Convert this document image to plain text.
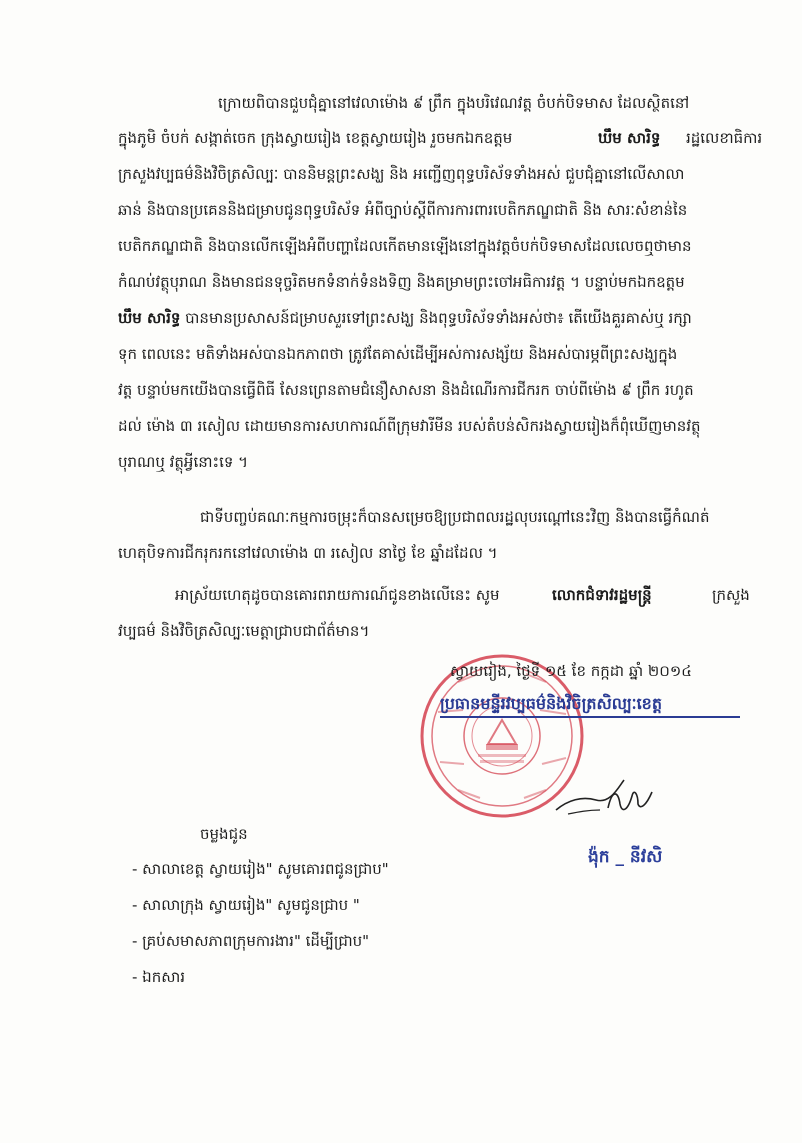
ក្រោយពិបានជួបជុំគ្នានៅវេលាម៉ោង ៩ ព្រឹក ក្នុងបរិវេណវត្ត ចំបក់បិទមាស ដែលស្ថិតនៅ
ក្នុងភូមិ ចំបក់ សង្កាត់ចេក ក្រុងស្វាយរៀង ខេត្តស្វាយរៀង រួចមកឯកឧត្តម	ឃឹម សារិទ្ធ រដ្ឋលេខាធិការ
ក្រសួងវប្បធម៌និងវិចិត្រសិល្បៈ បាននិមន្តព្រះសង្ឃ និង អញ្ជើញពុទ្ធបរិស័ទទាំងអស់ ជួបជុំគ្នានៅលើសាលា
ឆាន់ និងបានប្រគេននិងជម្រាបជូនពុទ្ធបរិស័ទ អំពីច្បាប់ស្តីពីការការពារបេតិកភណ្ឌជាតិ និង សារៈសំខាន់នៃ
បេតិកភណ្ឌជាតិ និងបានលើកឡើងអំពីបញ្ហាដែលកើតមានឡើងនៅក្នុងវត្តចំបក់បិទមាសដែលលេចឮថាមាន
កំណប់វត្ថុបុរាណ និងមានជនទុច្ចរិតមកទំនាក់ទំនងទិញ និងគម្រាមព្រះចៅអធិការវត្ត ។ បន្ទាប់មកឯកឧត្តម
ឃឹម សារិទ្ធ បានមានប្រសាសន៍ជម្រាបសួរទៅព្រះសង្ឃ និងពុទ្ធបរិស័ទទាំងអស់ថា៖ តើយើងគួរគាស់ឬ រក្សា
ទុក ពេលនេះ មតិទាំងអស់បានឯកភាពថា ត្រូវតែគាស់ដើម្បីអស់ការសង្ស័យ និងអស់បារម្ភពីព្រះសង្ឃក្នុង
វត្ត បន្ទាប់មកយើងបានធ្វើពិធី សែនព្រេនតាមជំនឿសាសនា និងដំណើរការជីករក ចាប់ពីម៉ោង ៩ ព្រឹក រហូត
ដល់ ម៉ោង ៣ រសៀល ដោយមានការសហការណ៍ពីក្រុមវារីមីន របស់តំបន់សិករងស្វាយរៀងក៏ពុំឃើញមានវត្ថុ
បុរាណឬ វត្ថុអ្វីនោះទេ ។
ជាទីបញ្ចប់គណៈកម្មការចម្រុះក៏បានសម្រេចឱ្យប្រជាពលរដ្ឋលុបរណ្តៅនេះវិញ និងបានធ្វើកំណត់
ហេតុបិទការជីករុករកនៅវេលាម៉ោង ៣ រសៀល នាថ្ងៃ ខែ ឆ្នាំដដែល ។
អាស្រ័យហេតុដូចបានគោរពរាយការណ៍ជូនខាងលើនេះ សូម	លោកជំទាវរដ្ឋមន្ត្រី	ក្រសួង
វប្បធម៌ និងវិចិត្រសិល្បៈមេត្តាជ្រាបជាព័ត៌មាន។
ស្វាយរៀង, ថ្ងៃទី ១៥ ខែ កក្កដា ឆ្នាំ ២០១៤
ប្រធានមន្ទីរវប្បធម៌និងវិចិត្រសិល្បៈខេត្ត
ង៉ុក _ នីវសិ
ចម្លងជូន
- សាលាខេត្ត ស្វាយរៀង" សូមគោរពជូនជ្រាប"
- សាលាក្រុង ស្វាយរៀង" សូមជូនជ្រាប "
- គ្រប់សមាសភាពក្រុមការងារ" ដើម្បីជ្រាប"
- ឯកសារ
